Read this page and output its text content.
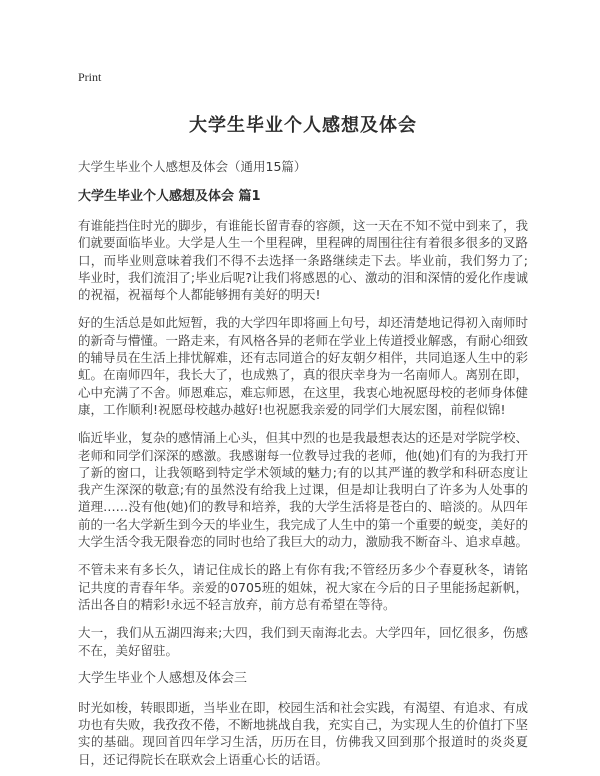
Print
大学生毕业个人感想及体会

大学生毕业个人感想及体会（通用15篇）

大学生毕业个人感想及体会 篇1

有谁能挡住时光的脚步，有谁能长留青春的容颜，这一天在不知不觉中到来了，我们就要面临毕业。大学是人生一个里程碑，里程碑的周围往往有着很多很多的叉路口，而毕业则意味着我们不得不去选择一条路继续走下去。毕业前，我们努力了;毕业时，我们流泪了;毕业后呢?让我们将感恩的心、激动的泪和深情的爱化作虔诚的祝福，祝福每个人都能够拥有美好的明天!

好的生活总是如此短暂，我的大学四年即将画上句号，却还清楚地记得初入南师时的新奇与懵懂。一路走来，有风格各异的老师在学业上传道授业解惑，有耐心细致的辅导员在生活上排忧解难，还有志同道合的好友朝夕相伴，共同追逐人生中的彩虹。在南师四年，我长大了，也成熟了，真的很庆幸身为一名南师人。离别在即，心中充满了不舍。师恩难忘，难忘师恩，在这里，我衷心地祝愿母校的老师身体健康，工作顺利!祝愿母校越办越好!也祝愿我亲爱的同学们大展宏图，前程似锦!

临近毕业，复杂的感情涌上心头，但其中烈的也是我最想表达的还是对学院学校、老师和同学们深深的感激。我感谢每一位教导过我的老师，他(她)们有的为我打开了新的窗口，让我领略到特定学术领域的魅力;有的以其严谨的教学和科研态度让我产生深深的敬意;有的虽然没有给我上过课，但是却让我明白了许多为人处事的道理……没有他(她)们的教导和培养，我的大学生活将是苍白的、暗淡的。从四年前的一名大学新生到今天的毕业生，我完成了人生中的第一个重要的蜕变，美好的大学生活令我无限眷恋的同时也给了我巨大的动力，激励我不断奋斗、追求卓越。

不管未来有多长久，请记住成长的路上有你有我;不管经历多少个春夏秋冬，请铭记共度的青春年华。亲爱的0705班的姐妹，祝大家在今后的日子里能扬起新帆，活出各自的精彩!永远不轻言放弃，前方总有希望在等待。

大一，我们从五湖四海来;大四，我们到天南海北去。大学四年，回忆很多，伤感不在，美好留驻。

大学生毕业个人感想及体会三

时光如梭，转眼即逝，当毕业在即，校园生活和社会实践，有渴望、有追求、有成功也有失败，我孜孜不倦，不断地挑战自我，充实自己，为实现人生的价值打下坚实的基础。现回首四年学习生活，历历在目，仿佛我又回到那个报道时的炎炎夏日，还记得院长在联欢会上语重心长的话语。
